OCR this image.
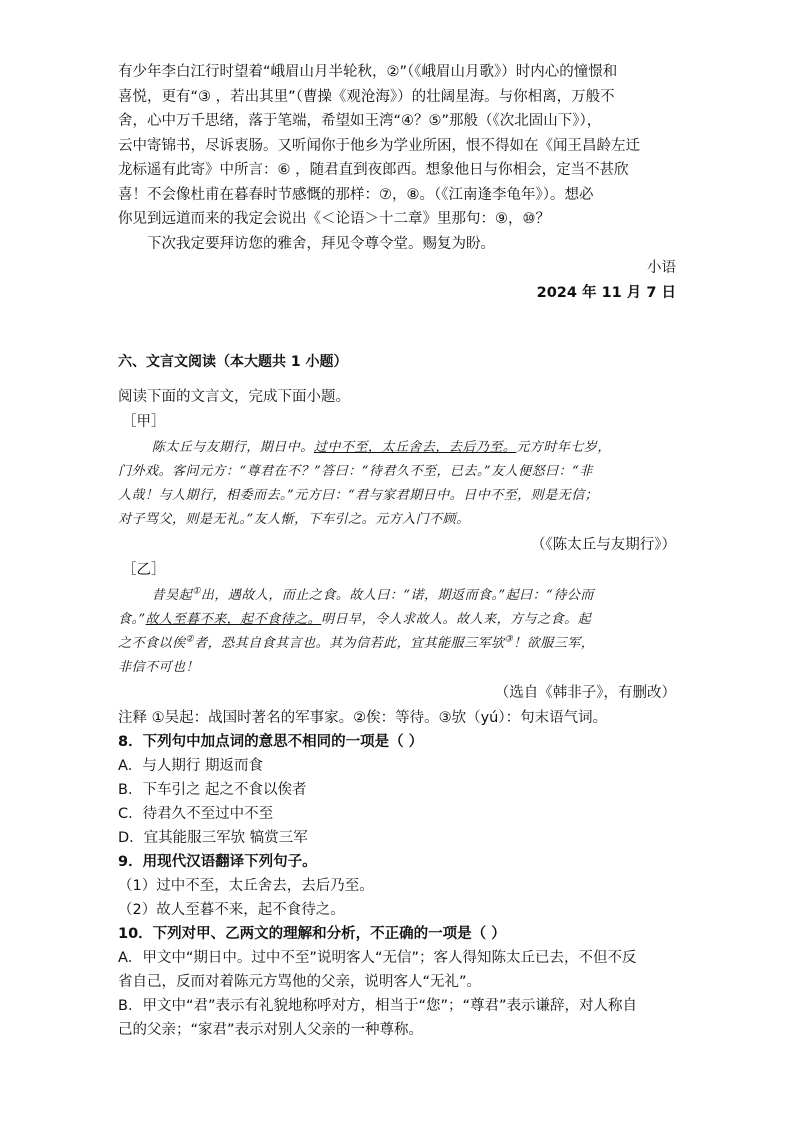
有少年李白江行时望着“峨眉山月半轮秋，②”（《峨眉山月歌》）时内心的憧憬和

喜悦，更有“③ ，若出其里”（曹操《观沧海》）的壮阔星海。与你相离，万般不

舍，心中万千思绪，落于笔端，希望如王湾“④？⑤”那般（《次北固山下》），

云中寄锦书，尽诉衷肠。又听闻你于他乡为学业所困，恨不得如在《闻王昌龄左迁

龙标遥有此寄》中所言：⑥ ，随君直到夜郎西。想象他日与你相会，定当不甚欣

喜！不会像杜甫在暮春时节感慨的那样：⑦，⑧。（《江南逢李龟年》）。想必

你见到远道而来的我定会说出《＜论语＞十二章》里那句：⑨，⑩？

下次我定要拜访您的雅舍，拜见令尊令堂。赐复为盼。

小语

2024 年 11 月 7 日

六、文言文阅读（本大题共 1 小题）

阅读下面的文言文，完成下面小题。

［甲］

陈太丘与友期行，期日中。过中不至，太丘舍去，去后乃至。元方时年七岁，

门外戏。客问元方：“尊君在不？”答曰：“待君久不至，已去。”友人便怒曰：“非

人哉！与人期行，相委而去。”元方曰：“君与家君期日中。日中不至，则是无信；

对子骂父，则是无礼。”友人惭，下车引之。元方入门不顾。

（《陈太丘与友期行》）

［乙］

昔吴起①出，遇故人，而止之食。故人曰：“诺，期返而食。”起曰：“待公而

食。”故人至暮不来，起不食待之。明日早，令人求故人。故人来，方与之食。起

之不食以俟②者，恐其自食其言也。其为信若此，宜其能服三军欤③！欲服三军，

非信不可也！

（选自《韩非子》，有删改）

注释 ①吴起：战国时著名的军事家。②俟：等待。③欤（yú）：句末语气词。

8．下列句中加点词的意思不相同的一项是（ ）

A．与人期行 期返而食

B．下车引之 起之不食以俟者

C．待君久不至过中不至

D．宜其能服三军欤 犒赏三军

9．用现代汉语翻译下列句子。

（1）过中不至，太丘舍去，去后乃至。

（2）故人至暮不来，起不食待之。

10．下列对甲、乙两文的理解和分析，不正确的一项是（ ）

A．甲文中“期日中。过中不至”说明客人“无信”；客人得知陈太丘已去，不但不反

省自己，反而对着陈元方骂他的父亲，说明客人“无礼”。

B．甲文中“君”表示有礼貌地称呼对方，相当于“您”；“尊君”表示谦辞，对人称自

己的父亲；“家君”表示对别人父亲的一种尊称。
